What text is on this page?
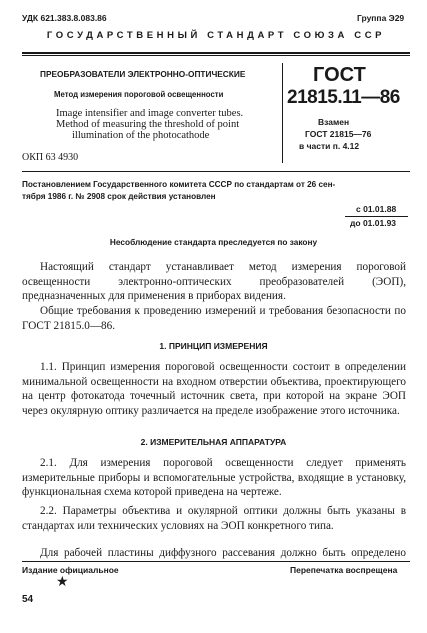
УДК 621.383.8.083.86	Группа Э29
ГОСУДАРСТВЕННЫЙ СТАНДАРТ СОЮЗА ССР
ПРЕОБРАЗОВАТЕЛИ ЭЛЕКТРОННО-ОПТИЧЕСКИЕ
Метод измерения пороговой освещенности
Image intensifier and image converter tubes.
Method of measuring the threshold of point
illumination of the photocathode
ОКП 63 4930
ГОСТ
21815.11—86
Взамен
ГОСТ 21815—76
в части п. 4.12
Постановлением Государственного комитета СССР по стандартам от 26 сен-
тября 1986 г. № 2908 срок действия установлен
с 01.01.88
до 01.01.93
Несоблюдение стандарта преследуется по закону
Настоящий стандарт устанавливает метод измерения пороговой освещенности электронно-оптических преобразователей (ЭОП), предназначенных для применения в приборах видения.
Общие требования к проведению измерений и требования безопасности по ГОСТ 21815.0—86.
1. ПРИНЦИП ИЗМЕРЕНИЯ
1.1. Принцип измерения пороговой освещенности состоит в определении минимальной освещенности на входном отверстии объектива, проектирующего на центр фотокатода точечный источник света, при которой на экране ЭОП через окулярную оптику различается на пределе изображение этого источника.
2. ИЗМЕРИТЕЛЬНАЯ АППАРАТУРА
2.1. Для измерения пороговой освещенности следует применять измерительные приборы и вспомогательные устройства, входящие в установку, функциональная схема которой приведена на чертеже.
2.2. Параметры объектива и окулярной оптики должны быть указаны в стандартах или технических условиях на ЭОП конкретного типа.
Для рабочей пластины диффузного рассевания должно быть определено
Издание официальное	Перепечатка воспрещена
★
54
